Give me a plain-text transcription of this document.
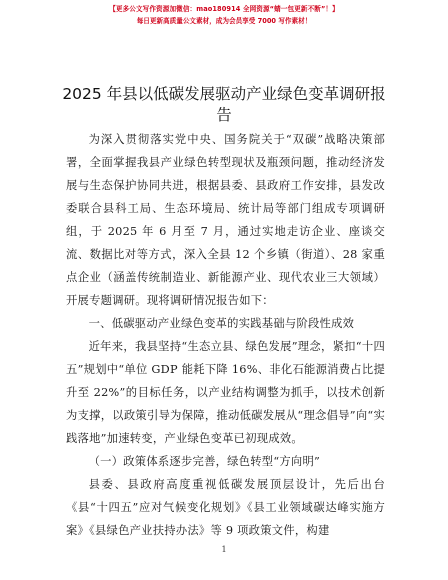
【更多公文写作资源加微信：mao180914 全网资源“蜻一包更新不断”！】
每日更新高质量公文素材，成为会员享受 7000 写作素材！
2025 年县以低碳发展驱动产业绿色变革调研报告

为深入贯彻落实党中央、国务院关于“双碳”战略决策部署，全面掌握我县产业绿色转型现状及瓶颈问题，推动经济发展与生态保护协同共进，根据县委、县政府工作安排，县发改委联合县科工局、生态环境局、统计局等部门组成专项调研组，于 2025 年 6 月至 7 月，通过实地走访企业、座谈交流、数据比对等方式，深入全县 12 个乡镇（街道）、28 家重点企业（涵盖传统制造业、新能源产业、现代农业三大领域）开展专题调研。现将调研情况报告如下：

一、低碳驱动产业绿色变革的实践基础与阶段性成效

近年来，我县坚持“生态立县、绿色发展”理念，紧扣“十四五”规划中“单位 GDP 能耗下降 16%、非化石能源消费占比提升至 22%”的目标任务，以产业结构调整为抓手，以技术创新为支撑，以政策引导为保障，推动低碳发展从“理念倡导”向“实践落地”加速转变，产业绿色变革已初现成效。

（一）政策体系逐步完善，绿色转型“方向明”

县委、县政府高度重视低碳发展顶层设计，先后出台《县“十四五”应对气候变化规划》《县工业领域碳达峰实施方案》《县绿色产业扶持办法》等 9 项政策文件，构建

1
